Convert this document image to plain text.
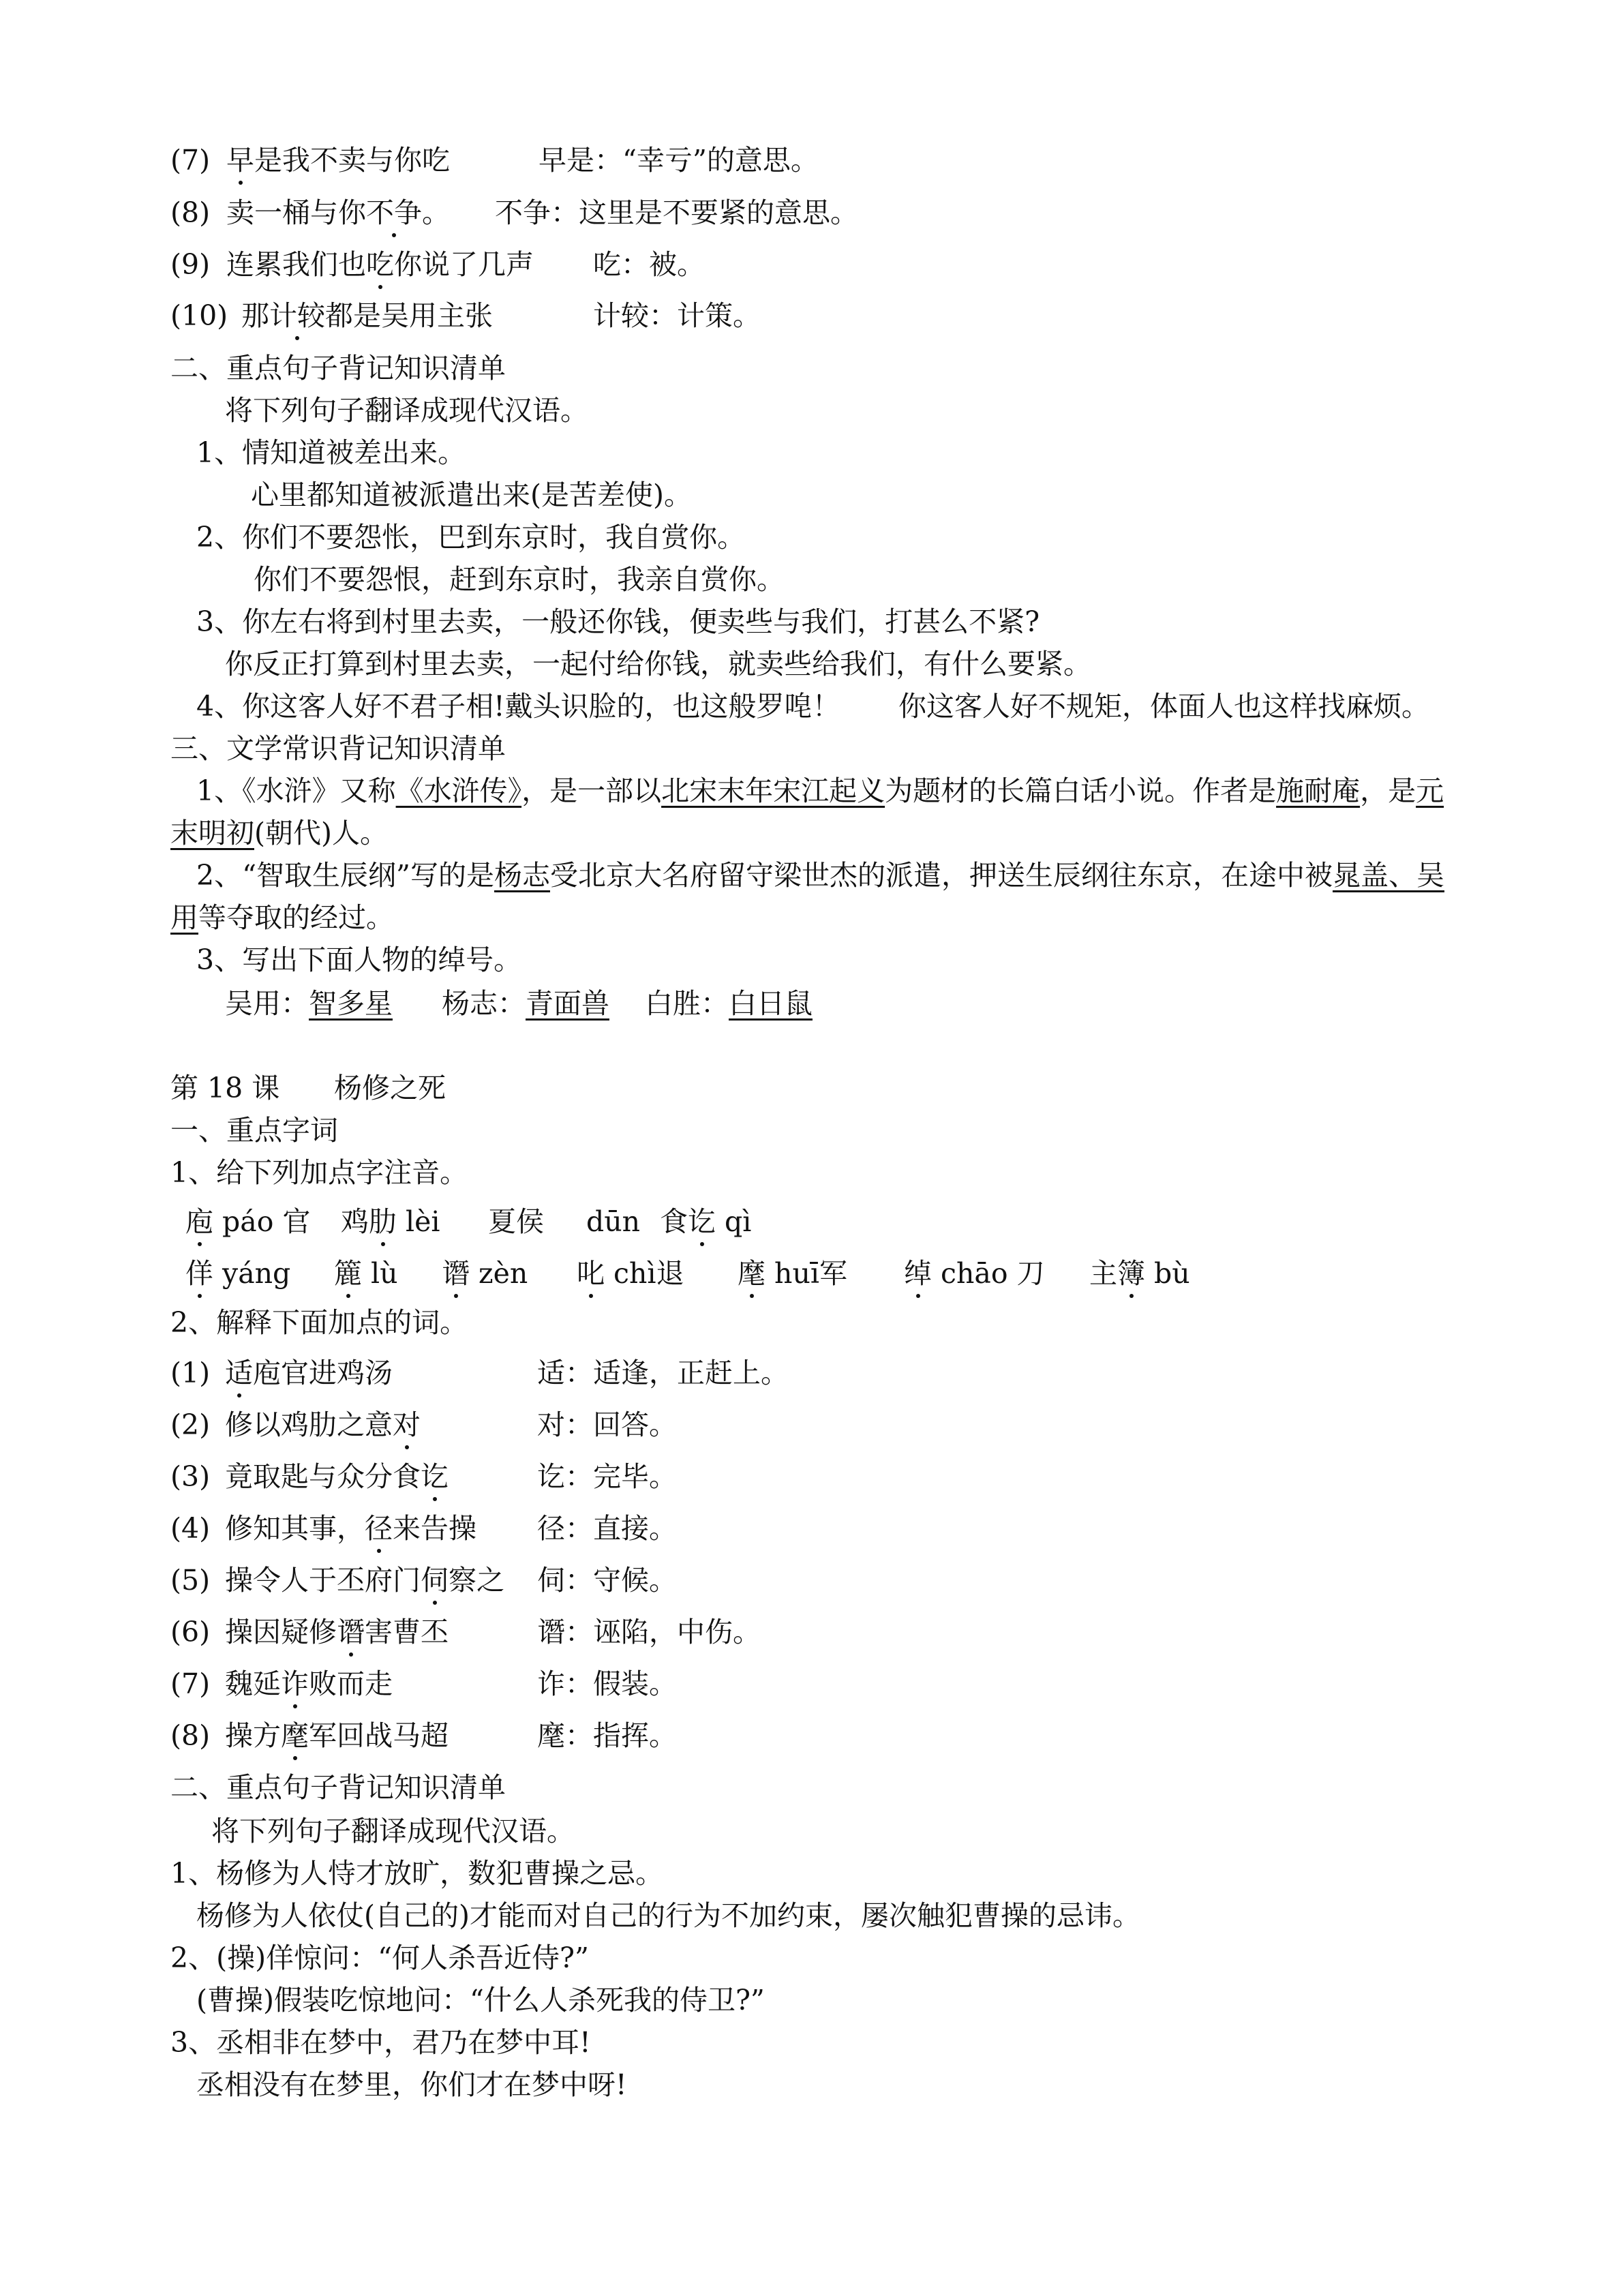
(7) 早是我不卖与你吃	早是：“幸亏”的意思。
(8) 卖一桶与你不争。 不争：这里是不要紧的意思。
(9) 连累我们也吃你说了几声 吃：被。
(10) 那计较都是吴用主张	计较：计策。
二、重点句子背记知识清单
将下列句子翻译成现代汉语。
1、情知道被差出来。
心里都知道被派遣出来(是苦差使)。
2、你们不要怨怅，巴到东京时，我自赏你。
你们不要怨恨，赶到东京时，我亲自赏你。
3、你左右将到村里去卖，一般还你钱，便卖些与我们，打甚么不紧?
你反正打算到村里去卖，一起付给你钱，就卖些给我们，有什么要紧。
4、你这客人好不君子相!戴头识脸的，也这般罗唣！ 你这客人好不规矩，体面人也这样找麻烦。
三、文学常识背记知识清单
1、《水浒》又称《水浒传》，是一部以北宋末年宋江起义为题材的长篇白话小说。作者是施耐庵，是元
末明初(朝代)人。
2、“智取生辰纲”写的是杨志受北京大名府留守梁世杰的派遣，押送生辰纲往东京，在途中被晁盖、吴
用等夺取的经过。
3、写出下面人物的绰号。
吴用：智多星 杨志：青面兽 白胜：白日鼠
第 18 课 杨修之死
一、重点字词
1、给下列加点字注音。
庖 páo 官 鸡肋 lèi 夏侯 dūn 食讫 qì
佯 yáng 簏 lù 谮 zèn 叱 chì退 麾 huī军 绰 chāo 刀 主簿 bù
2、解释下面加点的词。
(1) 适庖官进鸡汤	适：适逢，正赶上。
(2) 修以鸡肋之意对	对：回答。
(3) 竟取匙与众分食讫	讫：完毕。
(4) 修知其事，径来告操 径：直接。
(5) 操令人于丕府门伺察之 伺：守候。
(6) 操因疑修谮害曹丕	谮：诬陷，中伤。
(7) 魏延诈败而走	诈：假装。
(8) 操方麾军回战马超	麾：指挥。
二、重点句子背记知识清单
将下列句子翻译成现代汉语。
1、杨修为人恃才放旷，数犯曹操之忌。
杨修为人依仗(自己的)才能而对自己的行为不加约束，屡次触犯曹操的忌讳。
2、(操)佯惊问：“何人杀吾近侍?”
(曹操)假装吃惊地问：“什么人杀死我的侍卫?”
3、丞相非在梦中，君乃在梦中耳!
丞相没有在梦里，你们才在梦中呀!
